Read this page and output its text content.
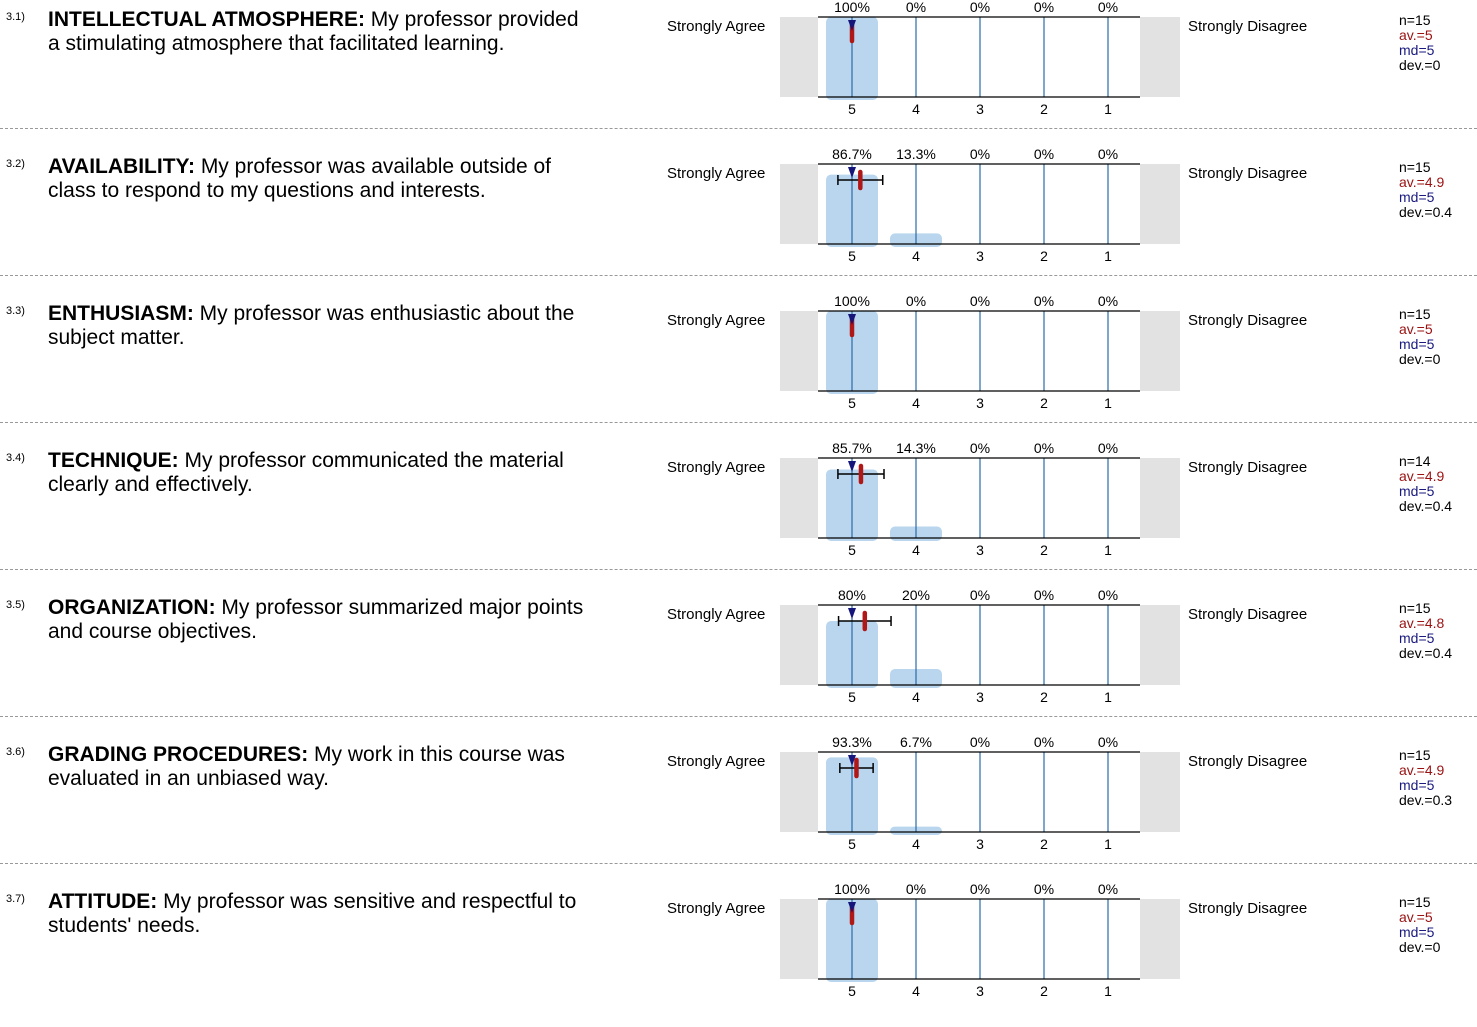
3.1) INTELLECTUAL ATMOSPHERE: My professor provided a stimulating atmosphere that facilitated learning.
Strongly Agree	Strongly Disagree	n=15
av.=5
md=5
dev.=0
100%	0%	0%	0%	0%
5	4	3	2	1
3.2) AVAILABILITY: My professor was available outside of class to respond to my questions and interests.
Strongly Agree	Strongly Disagree	n=15
av.=4.9
md=5
dev.=0.4
86.7% 13.3% 0%	0%	0%
5	4	3	2	1
3.3) ENTHUSIASM: My professor was enthusiastic about the subject matter.
Strongly Agree	Strongly Disagree	n=15
av.=5
md=5
dev.=0
100%	0%	0%	0%	0%
5	4	3	2	1
3.4) TECHNIQUE: My professor communicated the material clearly and effectively.
Strongly Agree	Strongly Disagree	n=14
av.=4.9
md=5
dev.=0.4
85.7% 14.3% 0%	0%	0%
5	4	3	2	1
3.5) ORGANIZATION: My professor summarized major points and course objectives.
Strongly Agree	Strongly Disagree	n=15
av.=4.8
md=5
dev.=0.4
80%	20%	0%	0%	0%
5	4	3	2	1
3.6) GRADING PROCEDURES: My work in this course was evaluated in an unbiased way.
Strongly Agree	Strongly Disagree	n=15
av.=4.9
md=5
dev.=0.3
93.3% 6.7%	0%	0%	0%
5	4	3	2	1
3.7) ATTITUDE: My professor was sensitive and respectful to students' needs.
Strongly Agree	Strongly Disagree	n=15
av.=5
md=5
dev.=0
100%	0%	0%	0%	0%
5	4	3	2	1
